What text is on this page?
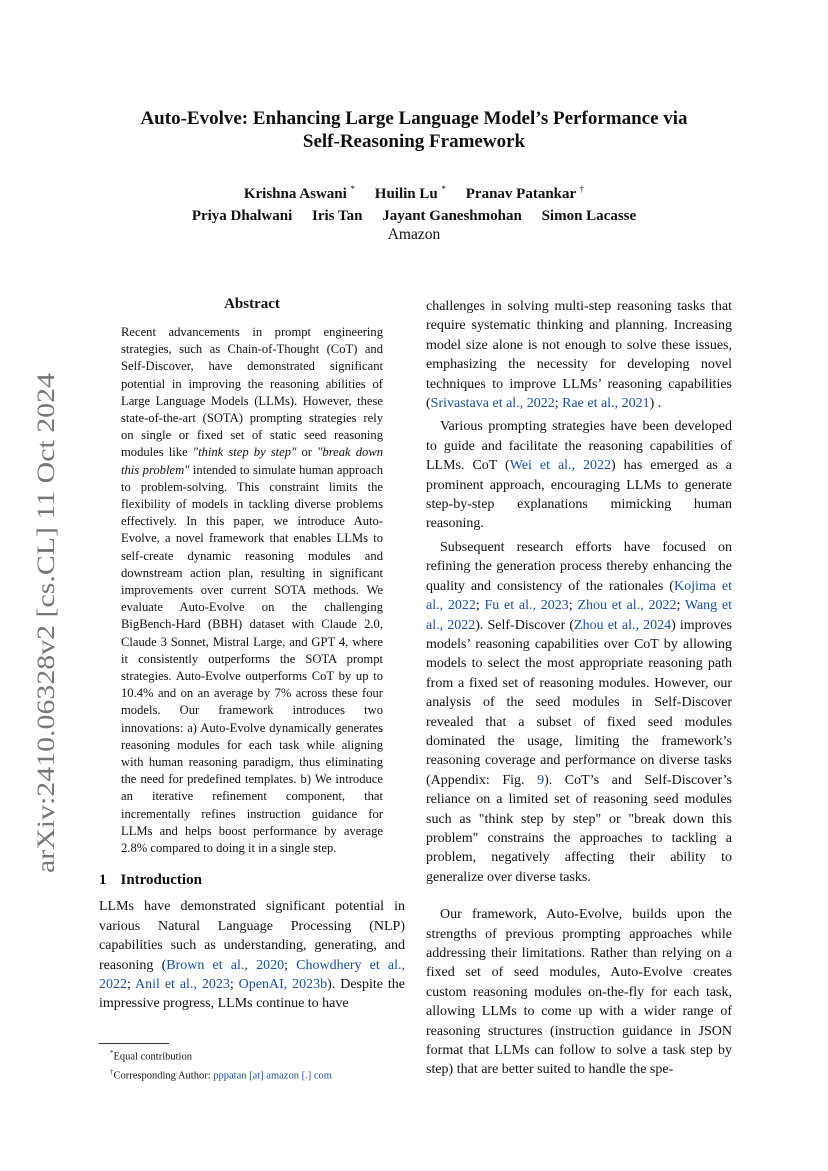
arXiv:2410.06328v2 [cs.CL] 11 Oct 2024
Auto-Evolve: Enhancing Large Language Model’s Performance via
Self-Reasoning Framework
Krishna Aswani * Huilin Lu * Pranav Patankar †
Priya Dhalwani Iris Tan Jayant Ganeshmohan Simon Lacasse
Amazon
Abstract

Recent advancements in prompt engineering strategies, such as Chain-of-Thought (CoT) and Self-Discover, have demonstrated significant potential in improving the reasoning abilities of Large Language Models (LLMs). However, these state-of-the-art (SOTA) prompting strategies rely on single or fixed set of static seed reasoning modules like "think step by step" or "break down this problem" intended to simulate human approach to problem-solving. This constraint limits the flexibility of models in tackling diverse problems effectively. In this paper, we introduce Auto-Evolve, a novel framework that enables LLMs to self-create dynamic reasoning modules and downstream action plan, resulting in significant improvements over current SOTA methods. We evaluate Auto-Evolve on the challenging BigBench-Hard (BBH) dataset with Claude 2.0, Claude 3 Sonnet, Mistral Large, and GPT 4, where it consistently outperforms the SOTA prompt strategies. Auto-Evolve outperforms CoT by up to 10.4% and on an average by 7% across these four models. Our framework introduces two innovations: a) Auto-Evolve dynamically generates reasoning modules for each task while aligning with human reasoning paradigm, thus eliminating the need for predefined templates. b) We introduce an iterative refinement component, that incrementally refines instruction guidance for LLMs and helps boost performance by average 2.8% compared to doing it in a single step.

1 Introduction

LLMs have demonstrated significant potential in various Natural Language Processing (NLP) capabilities such as understanding, generating, and reasoning (Brown et al., 2020; Chowdhery et al., 2022; Anil et al., 2023; OpenAI, 2023b). Despite the impressive progress, LLMs continue to have

challenges in solving multi-step reasoning tasks that require systematic thinking and planning. Increasing model size alone is not enough to solve these issues, emphasizing the necessity for developing novel techniques to improve LLMs’ reasoning capabilities (Srivastava et al., 2022; Rae et al., 2021) .

Various prompting strategies have been developed to guide and facilitate the reasoning capabilities of LLMs. CoT (Wei et al., 2022) has emerged as a prominent approach, encouraging LLMs to generate step-by-step explanations mimicking human reasoning.

Subsequent research efforts have focused on refining the generation process thereby enhancing the quality and consistency of the rationales (Kojima et al., 2022; Fu et al., 2023; Zhou et al., 2022; Wang et al., 2022). Self-Discover (Zhou et al., 2024) improves models’ reasoning capabilities over CoT by allowing models to select the most appropriate reasoning path from a fixed set of reasoning modules. However, our analysis of the seed modules in Self-Discover revealed that a subset of fixed seed modules dominated the usage, limiting the framework’s reasoning coverage and performance on diverse tasks (Appendix: Fig. 9). CoT’s and Self-Discover’s reliance on a limited set of reasoning seed modules such as "think step by step" or "break down this problem" constrains the approaches to tackling a problem, negatively affecting their ability to generalize over diverse tasks.

Our framework, Auto-Evolve, builds upon the strengths of previous prompting approaches while addressing their limitations. Rather than relying on a fixed set of seed modules, Auto-Evolve creates custom reasoning modules on-the-fly for each task, allowing LLMs to come up with a wider range of reasoning structures (instruction guidance in JSON format that LLMs can follow to solve a task step by step) that are better suited to handle the spe-

*Equal contribution
†Corresponding Author: pppatan [at] amazon [.] com
